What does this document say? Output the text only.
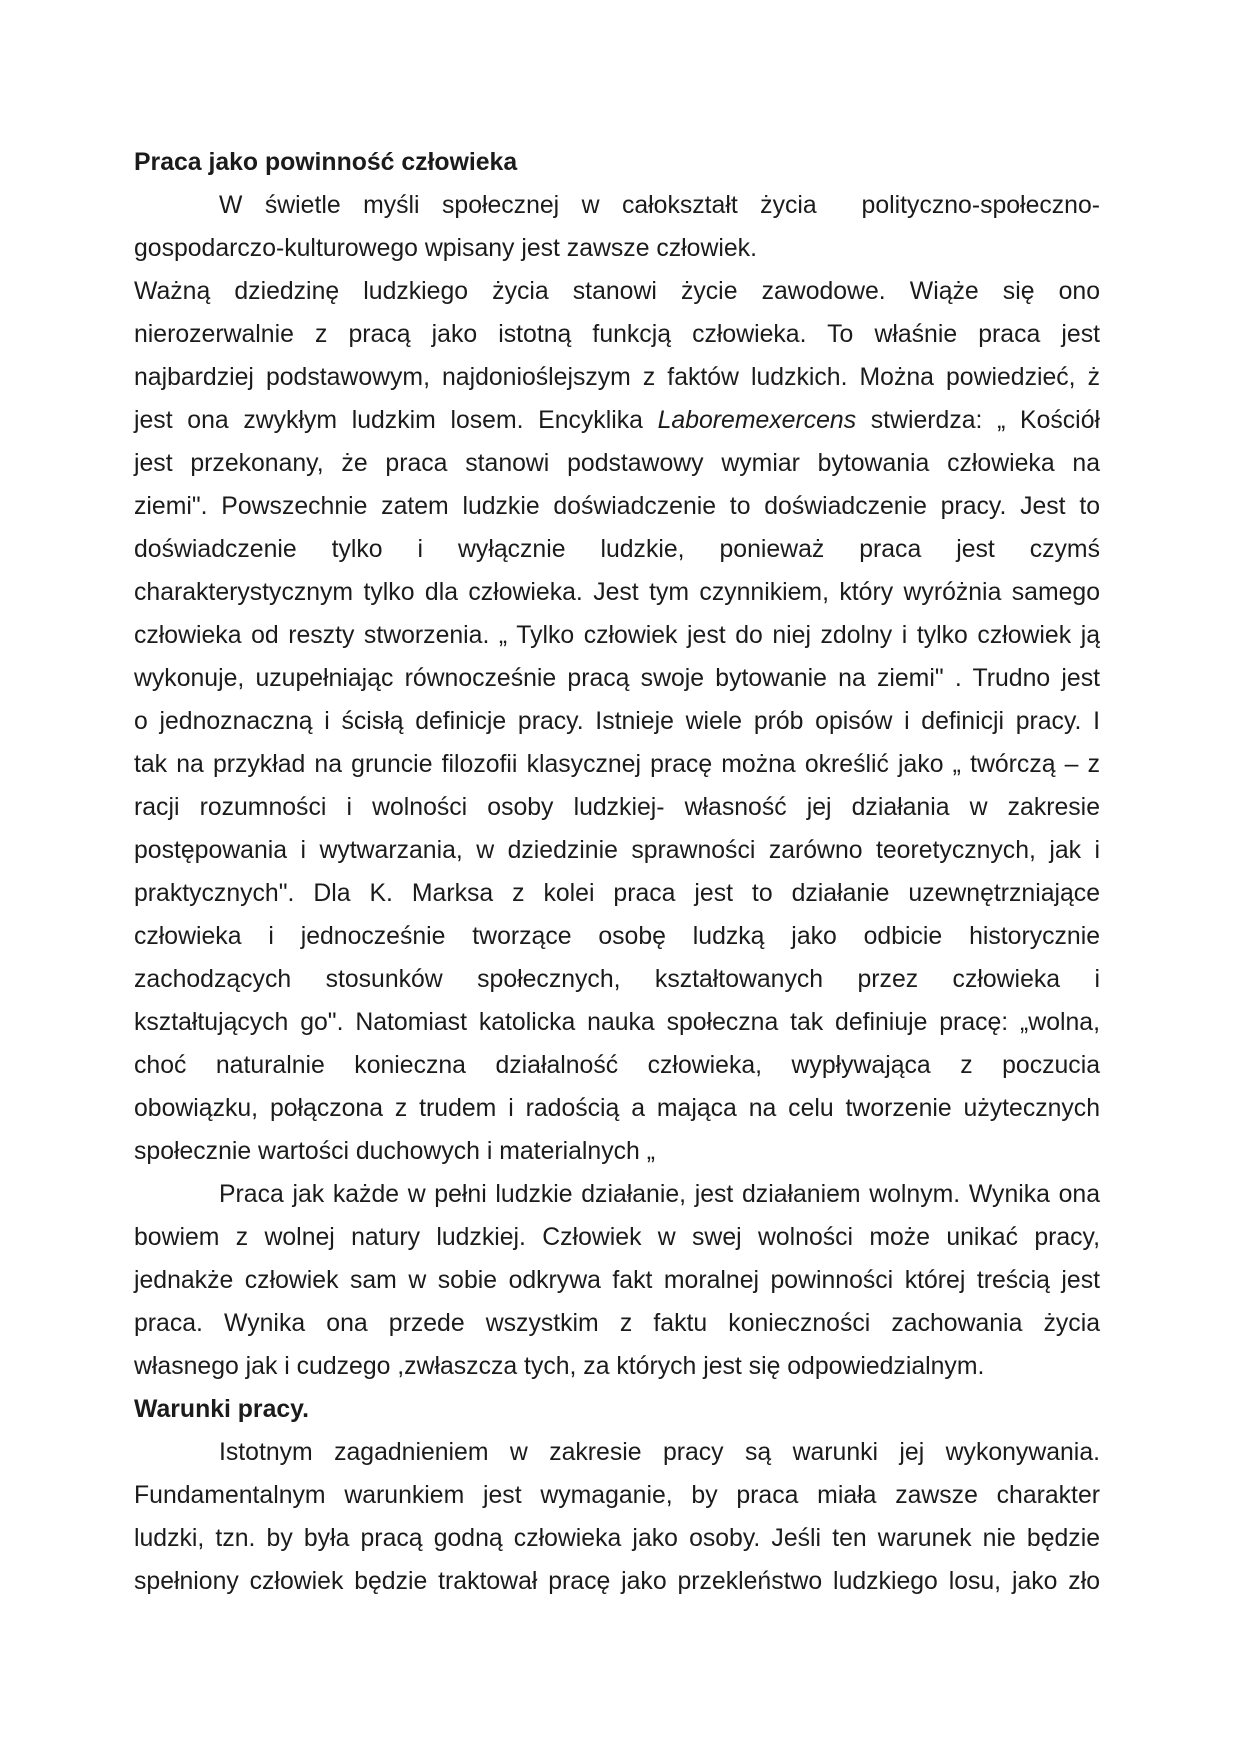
Praca jako powinność człowieka
W świetle myśli społecznej w całokształt życia  polityczno-społeczno-
gospodarczo-kulturowego wpisany jest zawsze człowiek.
Ważną dziedzinę ludzkiego życia stanowi życie zawodowe. Wiąże się ono
nierozerwalnie z pracą jako istotną funkcją człowieka. To właśnie praca jest
najbardziej podstawowym, najdonioślejszym z faktów ludzkich. Można powiedzieć, ż
jest ona zwykłym ludzkim losem. Encyklika Laboremexercens stwierdza: „ Kościół
jest przekonany, że praca stanowi podstawowy wymiar bytowania człowieka na
ziemi". Powszechnie zatem ludzkie doświadczenie to doświadczenie pracy. Jest to
doświadczenie tylko i wyłącznie ludzkie, ponieważ praca jest czymś
charakterystycznym tylko dla człowieka. Jest tym czynnikiem, który wyróżnia samego
człowieka od reszty stworzenia. „ Tylko człowiek jest do niej zdolny i tylko człowiek ją
wykonuje, uzupełniając równocześnie pracą swoje bytowanie na ziemi" . Trudno jest
o jednoznaczną i ścisłą definicje pracy. Istnieje wiele prób opisów i definicji pracy. I
tak na przykład na gruncie filozofii klasycznej pracę można określić jako „ twórczą – z
racji rozumności i wolności osoby ludzkiej- własność jej działania w zakresie
postępowania i wytwarzania, w dziedzinie sprawności zarówno teoretycznych, jak i
praktycznych". Dla K. Marksa z kolei praca jest to działanie uzewnętrzniające
człowieka i jednocześnie tworzące osobę ludzką jako odbicie historycznie
zachodzących stosunków społecznych, kształtowanych przez człowieka i
kształtujących go". Natomiast katolicka nauka społeczna tak definiuje pracę: „wolna,
choć naturalnie konieczna działalność człowieka, wypływająca z poczucia
obowiązku, połączona z trudem i radością a mająca na celu tworzenie użytecznych
społecznie wartości duchowych i materialnych „
Praca jak każde w pełni ludzkie działanie, jest działaniem wolnym. Wynika ona
bowiem z wolnej natury ludzkiej. Człowiek w swej wolności może unikać pracy,
jednakże człowiek sam w sobie odkrywa fakt moralnej powinności której treścią jest
praca. Wynika ona przede wszystkim z faktu konieczności zachowania życia
własnego jak i cudzego ,zwłaszcza tych, za których jest się odpowiedzialnym.
Warunki pracy.
Istotnym zagadnieniem w zakresie pracy są warunki jej wykonywania.
Fundamentalnym warunkiem jest wymaganie, by praca miała zawsze charakter
ludzki, tzn. by była pracą godną człowieka jako osoby. Jeśli ten warunek nie będzie
spełniony człowiek będzie traktował pracę jako przekleństwo ludzkiego losu, jako zło
